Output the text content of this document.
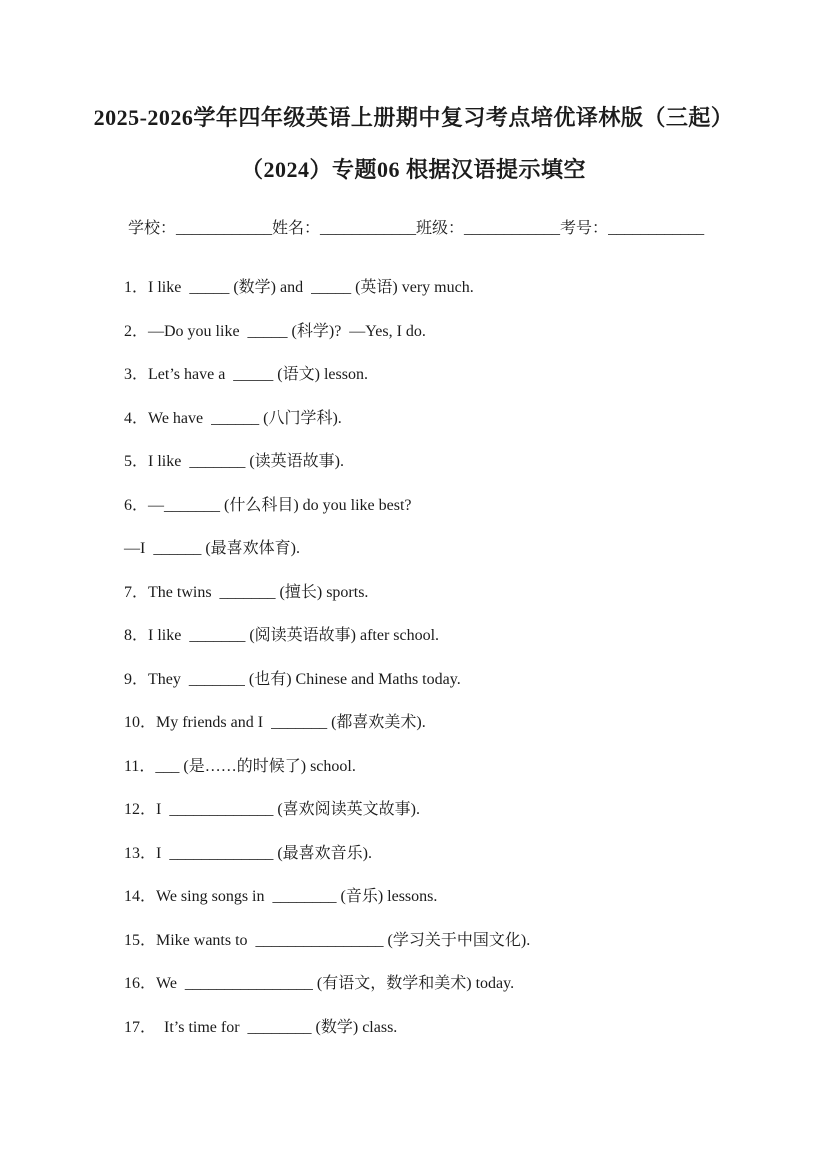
2025-2026学年四年级英语上册期中复习考点培优译林版（三起）
（2024）专题06 根据汉语提示填空
学校：____________姓名：____________班级：____________考号：____________
1．I like  _____ (数学) and  _____ (英语) very much.
2．—Do you like  _____ (科学)?  —Yes, I do.
3．Let’s have a  _____ (语文) lesson.
4．We have  ______ (八门学科).
5．I like  _______ (读英语故事).
6．—_______ (什么科目) do you like best?
—I  ______ (最喜欢体育).
7．The twins  _______ (擅长) sports.
8．I like  _______ (阅读英语故事) after school.
9．They  _______ (也有) Chinese and Maths today.
10．My friends and I  _______ (都喜欢美术).
11．___ (是……的时候了) school.
12．I  _____________ (喜欢阅读英文故事).
13．I  _____________ (最喜欢音乐).
14．We sing songs in  ________ (音乐) lessons.
15．Mike wants to  ________________ (学习关于中国文化).
16．We  ________________ (有语文，数学和美术) today.
17．  It’s time for  ________ (数学) class.
